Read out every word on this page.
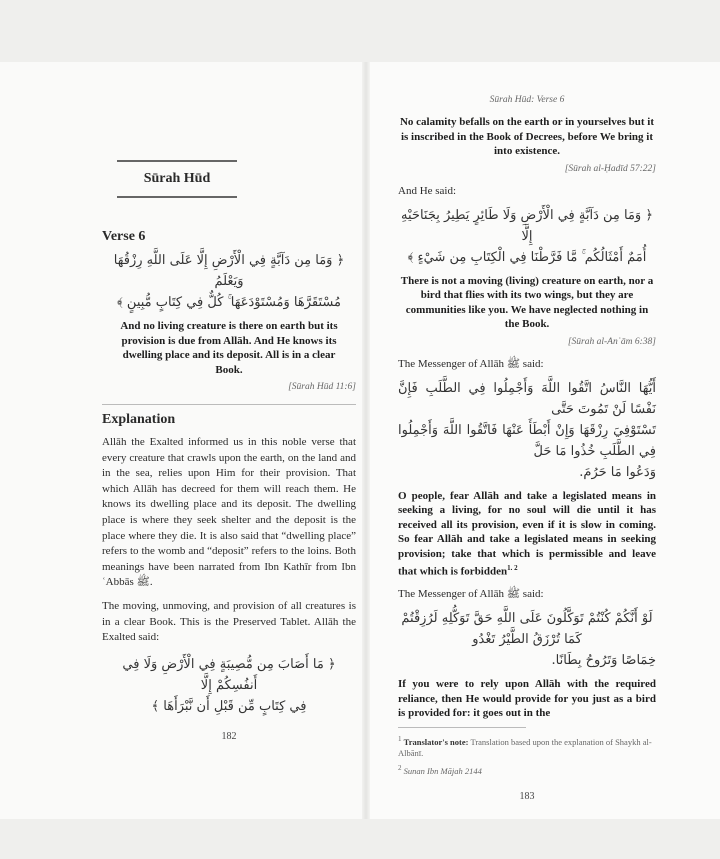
Sūrah Hūd
Verse 6
﴿ وَمَا مِن دَآبَّةٍ فِي الْأَرْضِ إِلَّا عَلَى اللَّهِ رِزْقُهَا وَيَعْلَمُ
مُسْتَقَرَّهَا وَمُسْتَوْدَعَهَا ۚ كُلٌّ فِي كِتَابٍ مُّبِينٍ ﴾
And no living creature is there on earth but its provision is due from Allāh. And He knows its dwelling place and its deposit. All is in a clear Book.
[Sūrah Hūd 11:6]
Explanation

Allāh the Exalted informed us in this noble verse that every creature that crawls upon the earth, on the land and in the sea, relies upon Him for their provision. That which Allāh has decreed for them will reach them. He knows its dwelling place and its deposit. The dwelling place is where they seek shelter and the deposit is the place where they die. It is also said that “dwelling place” refers to the womb and “deposit” refers to the loins. Both meanings have been narrated from Ibn Kathīr from Ibn ʿAbbās ﷺ.

The moving, unmoving, and provision of all creatures is in a clear Book. This is the Preserved Tablet. Allāh the Exalted said:

﴿ مَا أَصَابَ مِن مُّصِيبَةٍ فِي الْأَرْضِ وَلَا فِي أَنفُسِكُمْ إِلَّا
فِي كِتَابٍ مِّن قَبْلِ أَن نَّبْرَأَهَا ﴾
182
Sūrah Hūd: Verse 6
No calamity befalls on the earth or in yourselves but it is inscribed in the Book of Decrees, before We bring it into existence.
[Sūrah al-Ḥadīd 57:22]
And He said:
﴿ وَمَا مِن دَآبَّةٍ فِي الْأَرْضِ وَلَا طَائِرٍ يَطِيرُ بِجَنَاحَيْهِ إِلَّا
أُمَمٌ أَمْثَالُكُم ۚ مَّا فَرَّطْنَا فِي الْكِتَابِ مِن شَيْءٍ ﴾
There is not a moving (living) creature on earth, nor a bird that flies with its two wings, but they are communities like you. We have neglected nothing in the Book.
[Sūrah al-Anʿām 6:38]
The Messenger of Allāh ﷺ said:
أَيُّهَا النَّاسُ اتَّقُوا اللَّهَ وَأَجْمِلُوا فِي الطَّلَبِ فَإِنَّ نَفْسًا لَنْ تَمُوتَ حَتَّى
تَسْتَوْفِيَ رِزْقَهَا وَإِنْ أَبْطَأَ عَنْهَا فَاتَّقُوا اللَّهَ وَأَجْمِلُوا فِي الطَّلَبِ خُذُوا مَا حَلَّ
وَدَعُوا مَا حَرُمَ.
O people, fear Allāh and take a legislated means in seeking a living, for no soul will die until it has received all its provision, even if it is slow in coming. So fear Allāh and take a legislated means in seeking provision; take that which is permissible and leave that which is forbidden$^{1. 2}$
The Messenger of Allāh ﷺ said:
لَوْ أَنَّكُمْ كُنْتُمْ تَوَكَّلُونَ عَلَى اللَّهِ حَقَّ تَوَكُّلِهِ لَرُزِقْتُمْ كَمَا تُرْزَقُ الطَّيْرُ تَغْدُو
خِمَاصًا وَتَرُوحُ بِطَانًا.
If you were to rely upon Allāh with the required reliance, then He would provide for you just as a bird is provided for: it goes out in the
$^1$ Translator's note: Translation based upon the explanation of Shaykh al-Albānī.
$^2$ Sunan Ibn Mājah 2144
183
